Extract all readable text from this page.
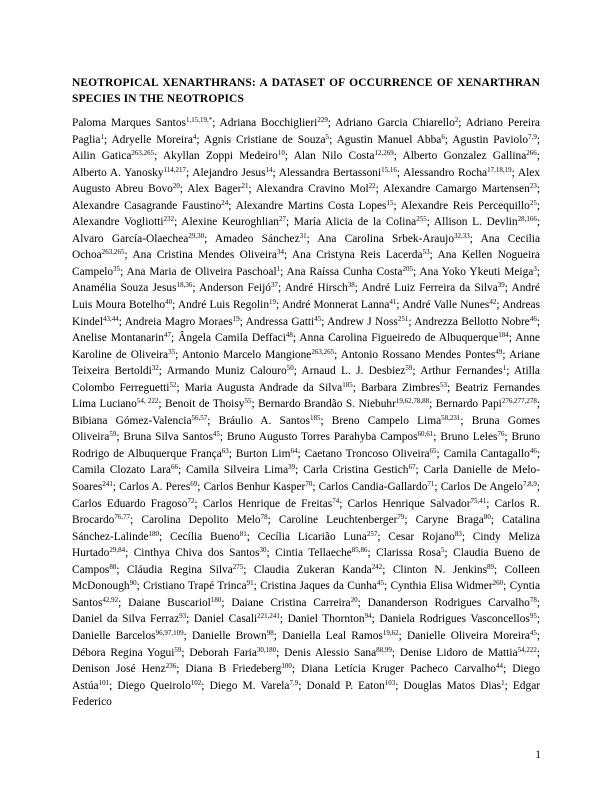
NEOTROPICAL XENARTHRANS: A DATASET OF OCCURRENCE OF XENARTHRAN SPECIES IN THE NEOTROPICS
Paloma Marques Santos$^{1,15,19,*}$; Adriana Bocchiglieri$^{229}$; Adriano Garcia Chiarello$^2$; Adriano Pereira Paglia$^1$; Adryelle Moreira$^4$; Agnis Cristiane de Souza$^5$; Agustin Manuel Abba$^6$; Agustin Paviolo$^{7,9}$; Ailin Gatica$^{263,265}$; Akyllan Zoppi Medeiro$^{10}$; Alan Nilo Costa$^{12,269}$; Alberto Gonzalez Gallina$^{266}$; Alberto A. Yanosky$^{114,217}$; Alejandro Jesus$^{14}$; Alessandra Bertassoni$^{15,16}$; Alessandro Rocha$^{17,18,19}$; Alex Augusto Abreu Bovo$^{20}$; Alex Bager$^{21}$; Alexandra Cravino Mol$^{22}$; Alexandre Camargo Martensen$^{23}$; Alexandre Casagrande Faustino$^{24}$; Alexandre Martins Costa Lopes$^{15}$; Alexandre Reis Percequillo$^{25}$; Alexandre Vogliotti$^{232}$; Alexine Keuroghlian$^{27}$; María Alicia de la Colina$^{255}$; Allison L. Devlin$^{28,166}$; Alvaro García-Olaechea$^{29,30}$; Amadeo Sánchez$^{31}$; Ana Carolina Srbek-Araujo$^{32,33}$; Ana Cecilia Ochoa$^{263,265}$; Ana Cristina Mendes Oliveira$^{34}$; Ana Cristyna Reis Lacerda$^{53}$; Ana Kellen Nogueira Campelo$^{35}$; Ana Maria de Oliveira Paschoal$^1$; Ana Raíssa Cunha Costa$^{205}$; Ana Yoko Ykeuti Meiga$^3$; Anamélia Souza Jesus$^{18,36}$; Anderson Feijó$^{37}$; André Hirsch$^{38}$; André Luiz Ferreira da Silva$^{39}$; André Luis Moura Botelho$^{40}$; André Luis Regolin$^{19}$; André Monnerat Lanna$^{41}$; André Valle Nunes$^{42}$; Andreas Kindel$^{43,44}$; Andreia Magro Moraes$^{19}$; Andressa Gatti$^{45}$; Andrew J Noss$^{251}$; Andrezza Bellotto Nobre$^{46}$; Anelise Montanarin$^{47}$; Ângela Camila Deffaci$^{48}$; Anna Carolina Figueiredo de Albuquerque$^{184}$; Anne Karoline de Oliveira$^{35}$; Antonio Marcelo Mangione$^{263,265}$; Antonio Rossano Mendes Pontes$^{49}$; Ariane Teixeira Bertoldi$^{32}$; Armando Muniz Calouro$^{50}$; Arnaud L. J. Desbiez$^{59}$; Arthur Fernandes$^1$; Atilla Colombo Ferreguetti$^{52}$; Maria Augusta Andrade da Silva$^{185}$; Barbara Zimbres$^{53}$; Beatriz Fernandes Lima Luciano$^{54, 222}$; Benoit de Thoisy$^{55}$; Bernardo Brandão S. Niebuhr$^{19,62,78,88}$; Bernardo Papi$^{276,277,278}$; Bibiana Gómez-Valencia$^{56,57}$; Bráulio A. Santos$^{185}$; Breno Campelo Lima$^{58,231}$; Bruna Gomes Oliveira$^{59}$; Bruna Silva Santos$^{45}$; Bruno Augusto Torres Parahyba Campos$^{60,61}$; Bruno Leles$^{76}$; Bruno Rodrigo de Albuquerque França$^{63}$; Burton Lim$^{64}$; Caetano Troncoso Oliveira$^{65}$; Camila Cantagallo$^{46}$; Camila Clozato Lara$^{66}$; Camila Silveira Lima$^{39}$; Carla Cristina Gestich$^{67}$; Carla Danielle de Melo-Soares$^{241}$; Carlos A. Peres$^{69}$; Carlos Benhur Kasper$^{70}$; Carlos Candia-Gallardo$^{71}$; Carlos De Angelo$^{7,8,9}$; Carlos Eduardo Fragoso$^{72}$; Carlos Henrique de Freitas$^{74}$; Carlos Henrique Salvador$^{75,41}$; Carlos R. Brocardo$^{76,77}$; Carolina Depolito Melo$^{78}$; Caroline Leuchtenberger$^{79}$; Caryne Braga$^{80}$; Catalina Sánchez-Lalinde$^{180}$; Cecília Bueno$^{81}$; Cecília Licarião Luna$^{257}$; Cesar Rojano$^{83}$; Cindy Meliza Hurtado$^{29,84}$; Cinthya Chiva dos Santos$^{30}$; Cintia Tellaeche$^{85,86}$; Clarissa Rosa$^5$; Claudia Bueno de Campos$^{88}$; Cláudia Regina Silva$^{275}$; Claudia Zukeran Kanda$^{242}$; Clinton N. Jenkins$^{89}$; Colleen McDonough$^{90}$; Cristiano Trapé Trinca$^{91}$; Cristina Jaques da Cunha$^{45}$; Cynthia Elisa Widmer$^{260}$; Cyntia Santos$^{42,92}$; Daiane Buscariol$^{180}$; Daiane Cristina Carreira$^{20}$; Dananderson Rodrigues Carvalho$^{78}$; Daniel da Silva Ferraz$^{93}$; Daniel Casali$^{221,241}$; Daniel Thornton$^{94}$; Daniela Rodrigues Vasconcellos$^{95}$; Danielle Barcelos$^{96,97,109}$; Danielle Brown$^{98}$; Daniella Leal Ramos$^{19,62}$; Danielle Oliveira Moreira$^{45}$; Débora Regina Yogui$^{59}$; Deborah Faria$^{30,180}$; Denis Alessio Sana$^{88,99}$; Denise Lidoro de Mattia$^{54,222}$; Denison José Henz$^{236}$; Diana B Friedeberg$^{100}$; Diana Letícia Kruger Pacheco Carvalho$^{44}$; Diego Astúa$^{101}$; Diego Queirolo$^{102}$; Diego M. Varela$^{7,9}$; Donald P. Eaton$^{103}$; Douglas Matos Dias$^1$; Edgar Federico
1
